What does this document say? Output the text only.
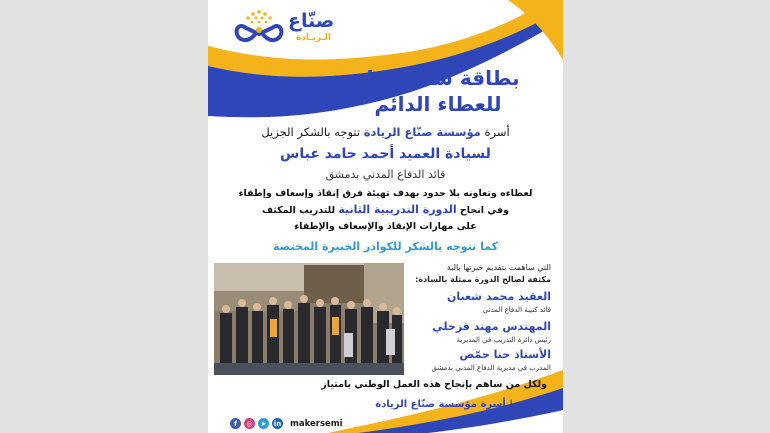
صنّاع
الـريـادة
بطاقة شكر وثناء
للعطاء الدائم
أسرة مؤسسة صنّاع الريادة تتوجه بالشكر الجزيل
لسيادة العميد أحمد حامد عباس
قائد الدفاع المدني بدمشق
لعطاءه وتعاونه بلا حدود بهدف تهيئة فرق إنقاذ وإسعاف وإطفاء
وفي انجاح الدورة التدريبية الثانية للتدريب المكثف
على مهارات الإنقاذ والإسعاف والإطفاء
كما نتوجه بالشكر للكوادر الخبيرة المختصة
التي ساهمت بتقديم خبرتها بالية
مكثفة لصالح الدورة ممثلة بالسادة:
العقيد محمد شعبان
قائد كتيبة الدفاع المدني
المهندس مهند قزحلي
رئيس دائرة التدريب في المديرية
الأستاذ حنا حمّص
المدرب في مديرية الدفاع المدني بدمشق
ولكل من ساهم بإنجاح هذه العمل الوطني بامتياز
| أسرة مؤسسة صنّاع الريادة
f	◎	➤	in makersemi
